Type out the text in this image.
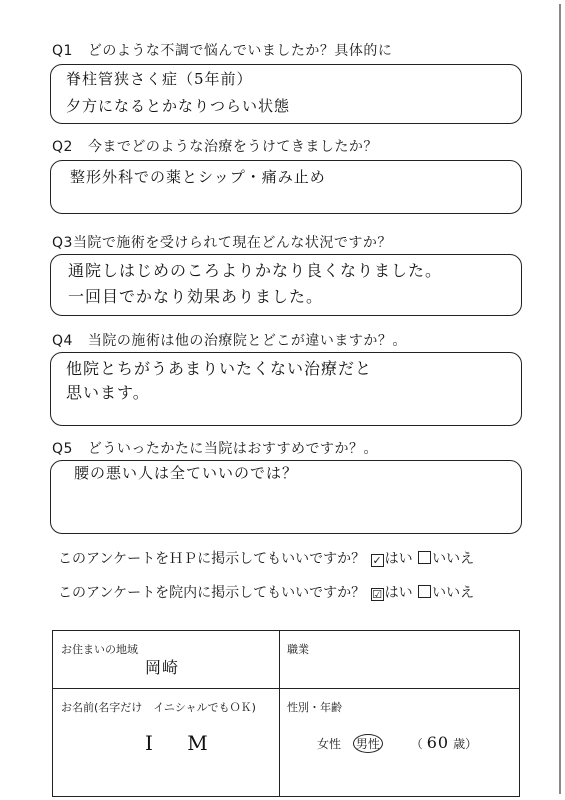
Q1 どのような不調で悩んでいましたか？具体的に
脊柱管狭さく症（5年前）
夕方になるとかなりつらい状態
Q2 今までどのような治療をうけてきましたか？
整形外科での薬とシップ・痛み止め
Q3当院で施術を受けられて現在どんな状況ですか？
通院しはじめのころよりかなり良くなりました。
一回目でかなり効果ありました。
Q4 当院の施術は他の治療院とどこが違いますか？。
他院とちがうあまりいたくない治療だと
思います。
Q5 どういったかたに当院はおすすめですか？。
腰の悪い人は全ていいのでは？
このアンケートをＨＰに掲示してもいいですか？ ✓ はい いいえ
このアンケートを院内に掲示してもいいですか？ ☑ はい いいえ
お住まいの地域
岡崎
職業
お名前(名字だけ　イニシャルでもＯＫ)
I M
性別・年齢
女性 男性	（ 60 歳）
